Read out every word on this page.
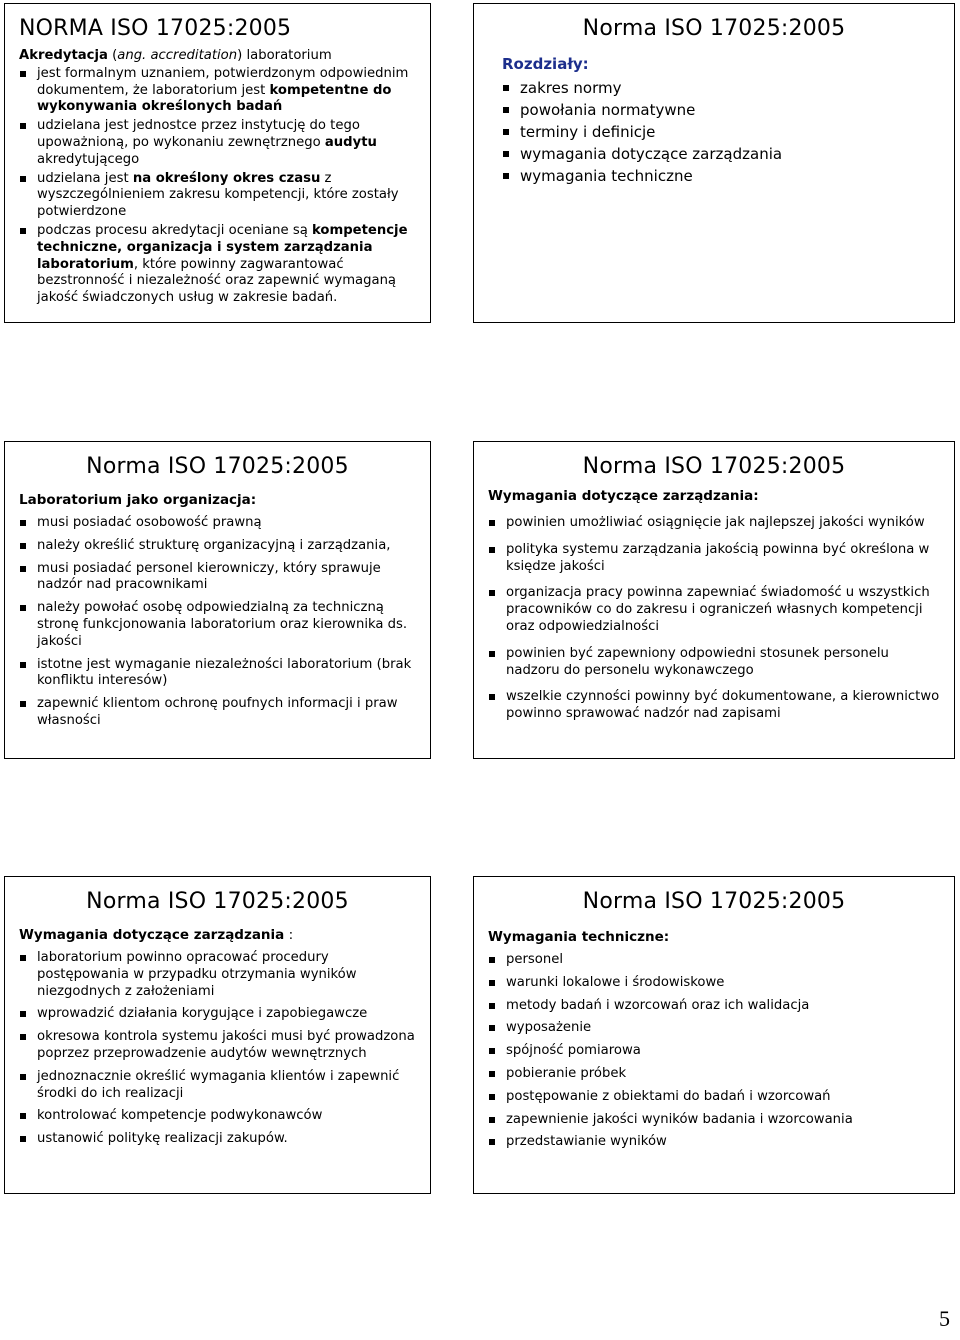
NORMA ISO 17025:2005
Akredytacja (ang. accreditation) laboratorium
jest formalnym uznaniem, potwierdzonym odpowiednim dokumentem, że laboratorium jest kompetentne do wykonywania określonych badań
udzielana jest jednostce przez instytucję do tego upoważnioną, po wykonaniu zewnętrznego audytu akredytującego
udzielana jest na określony okres czasu z wyszczególnieniem zakresu kompetencji, które zostały potwierdzone
podczas procesu akredytacji oceniane są kompetencje techniczne, organizacja i system zarządzania laboratorium, które powinny zagwarantować bezstronność i niezależność oraz zapewnić wymaganą jakość świadczonych usług w zakresie badań.
Norma ISO 17025:2005
Rozdziały:
zakres normy
powołania normatywne
terminy i definicje
wymagania dotyczące zarządzania
wymagania techniczne
Norma ISO 17025:2005
Laboratorium jako organizacja:
musi posiadać osobowość prawną
należy określić strukturę organizacyjną i zarządzania,
musi posiadać personel kierowniczy, który sprawuje nadzór nad pracownikami
należy powołać osobę odpowiedzialną za techniczną stronę funkcjonowania laboratorium oraz kierownika ds. jakości
istotne jest wymaganie niezależności laboratorium (brak konfliktu interesów)
zapewnić klientom ochronę poufnych informacji i praw własności
Norma ISO 17025:2005
Wymagania dotyczące zarządzania:
powinien umożliwiać osiągnięcie jak najlepszej jakości wyników
polityka systemu zarządzania jakością powinna być określona w księdze jakości
organizacja pracy powinna zapewniać świadomość u wszystkich pracowników co do zakresu i ograniczeń własnych kompetencji oraz odpowiedzialności
powinien być zapewniony odpowiedni stosunek personelu nadzoru do personelu wykonawczego
wszelkie czynności powinny być dokumentowane, a kierownictwo powinno sprawować nadzór nad zapisami
Norma ISO 17025:2005
Wymagania dotyczące zarządzania :
laboratorium powinno opracować procedury postępowania w przypadku otrzymania wyników niezgodnych z założeniami
wprowadzić działania korygujące i zapobiegawcze
okresowa kontrola systemu jakości musi być prowadzona poprzez przeprowadzenie audytów wewnętrznych
jednoznacznie określić wymagania klientów i zapewnić środki do ich realizacji
kontrolować kompetencje podwykonawców
ustanowić politykę realizacji zakupów.
Norma ISO 17025:2005
Wymagania techniczne:
personel
warunki lokalowe i środowiskowe
metody badań i wzorcowań oraz ich walidacja
wyposażenie
spójność pomiarowa
pobieranie próbek
postępowanie z obiektami do badań i wzorcowań
zapewnienie jakości wyników badania i wzorcowania
przedstawianie wyników
5
